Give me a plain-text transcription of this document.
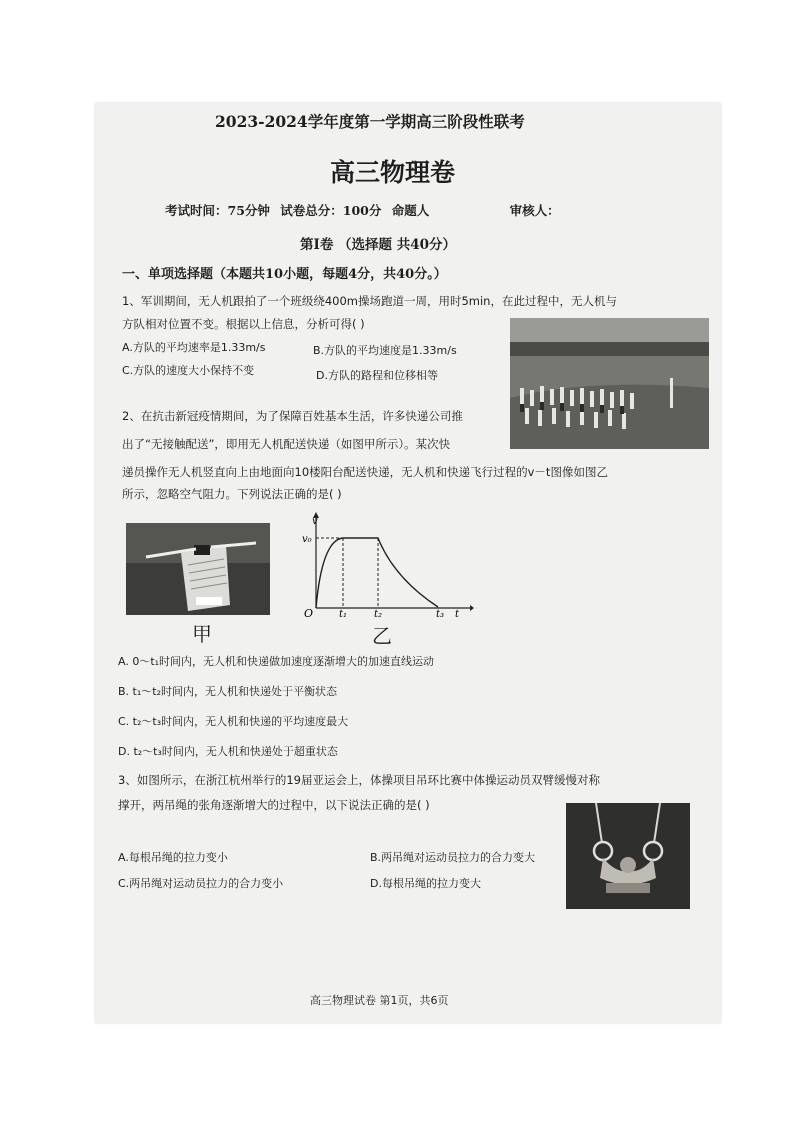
2023-2024学年度第一学期高三阶段性联考
高三物理卷
考试时间：75分钟 试卷总分：100分 命题人	审核人：
第Ⅰ卷 （选择题 共40分）
一、单项选择题（本题共10小题，每题4分，共40分。）
1、军训期间，无人机跟拍了一个班级绕400m操场跑道一周，用时5min，在此过程中，无人机与
方队相对位置不变。根据以上信息，分析可得( )
A.方队的平均速率是1.33m/s	B.方队的平均速度是1.33m/s
C.方队的速度大小保持不变	D.方队的路程和位移相等
2、在抗击新冠疫情期间，为了保障百姓基本生活，许多快递公司推
出了“无接触配送”，即用无人机配送快递（如图甲所示）。某次快
递员操作无人机竖直向上由地面向10楼阳台配送快递，无人机和快递飞行过程的v－t图像如图乙
所示，忽略空气阻力。下列说法正确的是( )
甲
v
v₀
O	t₁	t₂	t₃ t
乙
A. 0～t₁时间内，无人机和快递做加速度逐渐增大的加速直线运动
B. t₁～t₂时间内，无人机和快递处于平衡状态
C. t₂～t₃时间内，无人机和快递的平均速度最大
D. t₂～t₃时间内，无人机和快递处于超重状态
3、如图所示，在浙江杭州举行的19届亚运会上，体操项目吊环比赛中体操运动员双臂缓慢对称
撑开，两吊绳的张角逐渐增大的过程中，以下说法正确的是( )
A.每根吊绳的拉力变小	B.两吊绳对运动员拉力的合力变大
C.两吊绳对运动员拉力的合力变小	D.每根吊绳的拉力变大
高三物理试卷 第1页，共6页
